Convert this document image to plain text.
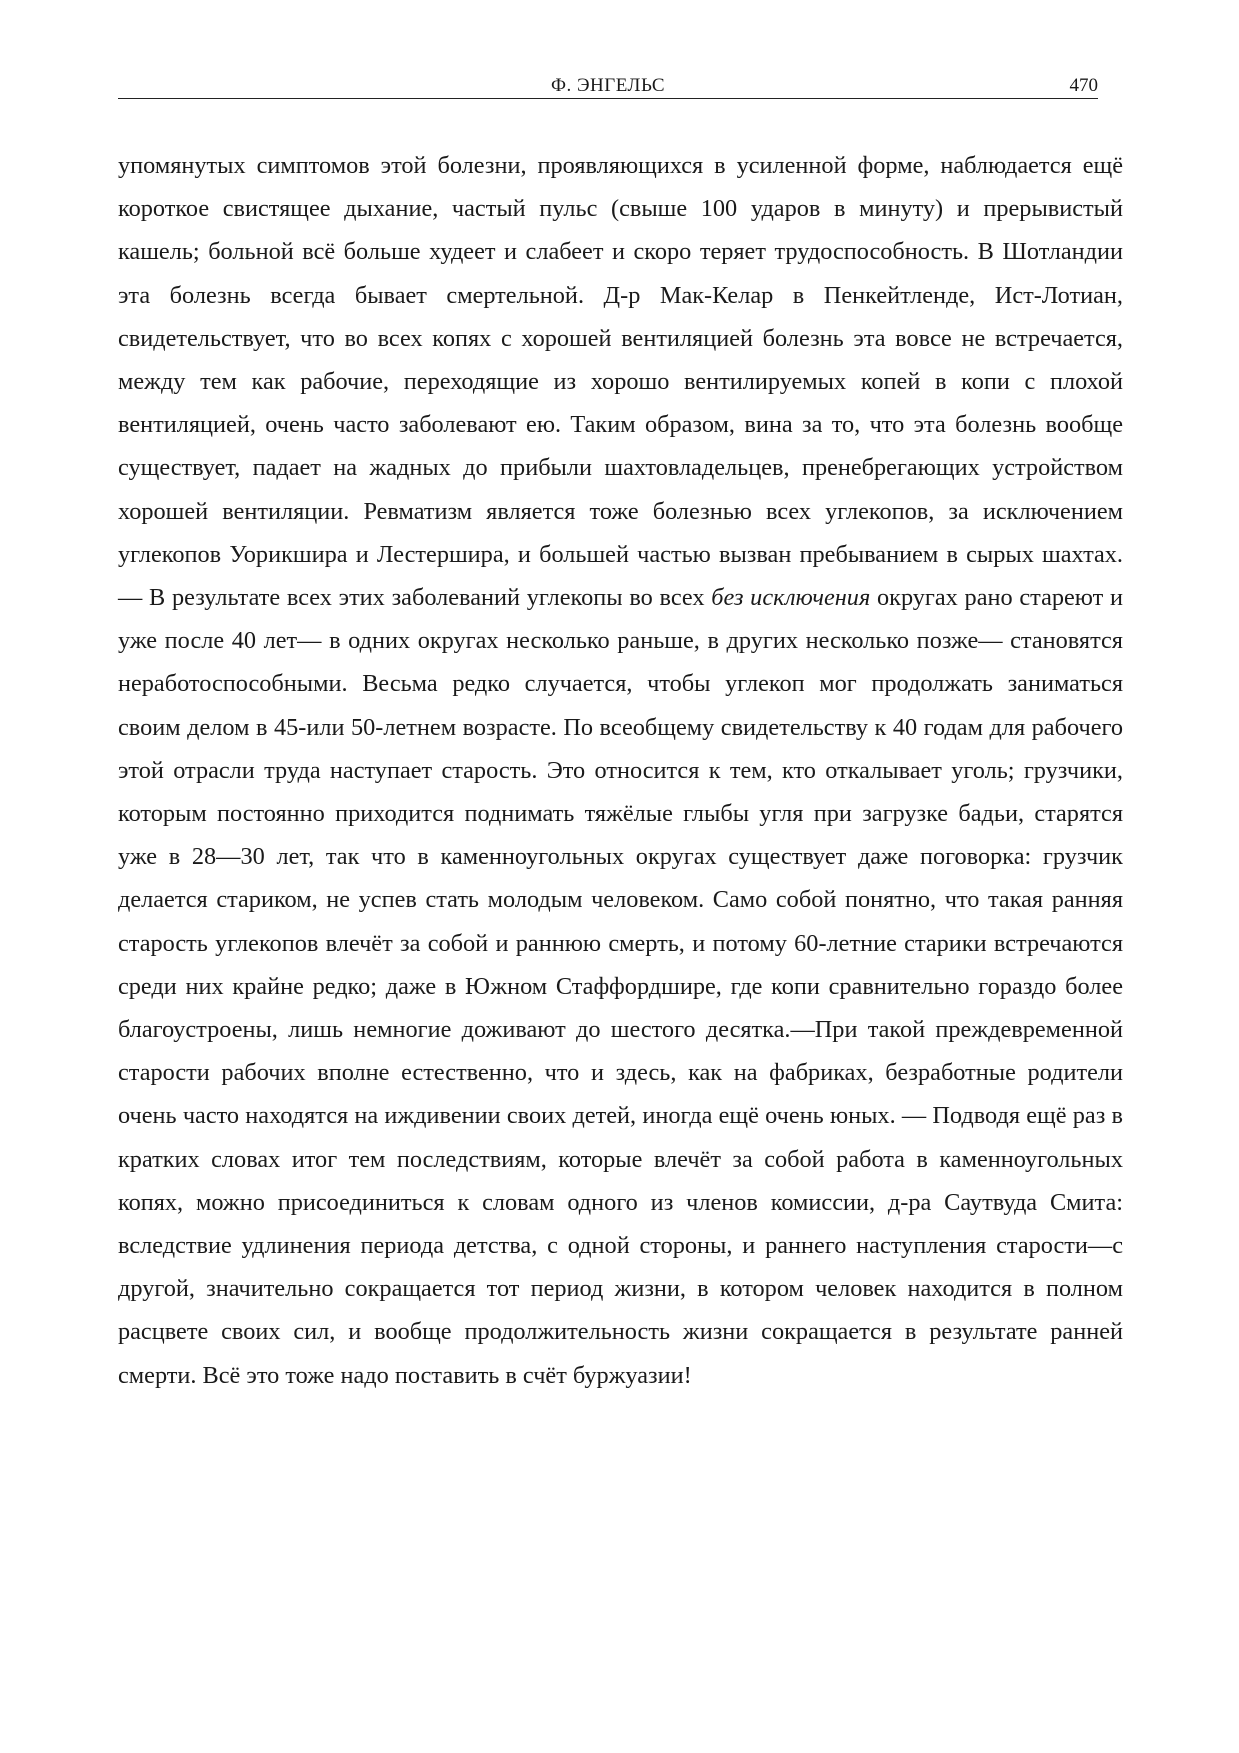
Ф. ЭНГЕЛЬС	470

упомянутых симптомов этой болезни, проявляющихся в усиленной форме, наблюдается ещё короткое свистящее дыхание, частый пульс (свыше 100 ударов в минуту) и прерывистый кашель; больной всё больше худеет и слабеет и скоро теряет трудоспособность. В Шотландии эта болезнь всегда бывает смертельной. Д-р Мак-Келар в Пенкейтленде, Ист-Лотиан, свидетельствует, что во всех копях с хорошей вентиляцией болезнь эта вовсе не встречается, между тем как рабочие, переходящие из хорошо вентилируемых копей в копи с плохой вентиляцией, очень часто заболевают ею. Таким образом, вина за то, что эта болезнь вообще существует, падает на жадных до прибыли шахтовладельцев, пренебрегающих устройством хорошей вентиляции. Ревматизм является тоже болезнью всех углекопов, за исключением углекопов Уорикшира и Лестершира, и большей частью вызван пребыванием в сырых шахтах. — В результате всех этих заболеваний углекопы во всех без исключения округах рано стареют и уже после 40 лет— в одних округах несколько раньше, в других несколько позже— становятся неработоспособными. Весьма редко случается, чтобы углекоп мог продолжать заниматься своим делом в 45-или 50-летнем возрасте. По всеобщему свидетельству к 40 годам для рабочего этой отрасли труда наступает старость. Это относится к тем, кто откалывает уголь; грузчики, которым постоянно приходится поднимать тяжёлые глыбы угля при загрузке бадьи, старятся уже в 28—30 лет, так что в каменноугольных округах существует даже поговорка: грузчик делается стариком, не успев стать молодым человеком. Само собой понятно, что такая ранняя старость углекопов влечёт за собой и раннюю смерть, и потому 60-летние старики встречаются среди них крайне редко; даже в Южном Стаффордшире, где копи сравнительно гораздо более благоустроены, лишь немногие доживают до шестого десятка.—При такой преждевременной старости рабочих вполне естественно, что и здесь, как на фабриках, безработные родители очень часто находятся на иждивении своих детей, иногда ещё очень юных. — Подводя ещё раз в кратких словах итог тем последствиям, которые влечёт за собой работа в каменноугольных копях, можно присоединиться к словам одного из членов комиссии, д-ра Саутвуда Смита: вследствие удлинения периода детства, с одной стороны, и раннего наступления старости—с другой, значительно сокращается тот период жизни, в котором человек находится в полном расцвете своих сил, и вообще продолжительность жизни сокращается в результате ранней смерти. Всё это тоже надо поставить в счёт буржуазии!
